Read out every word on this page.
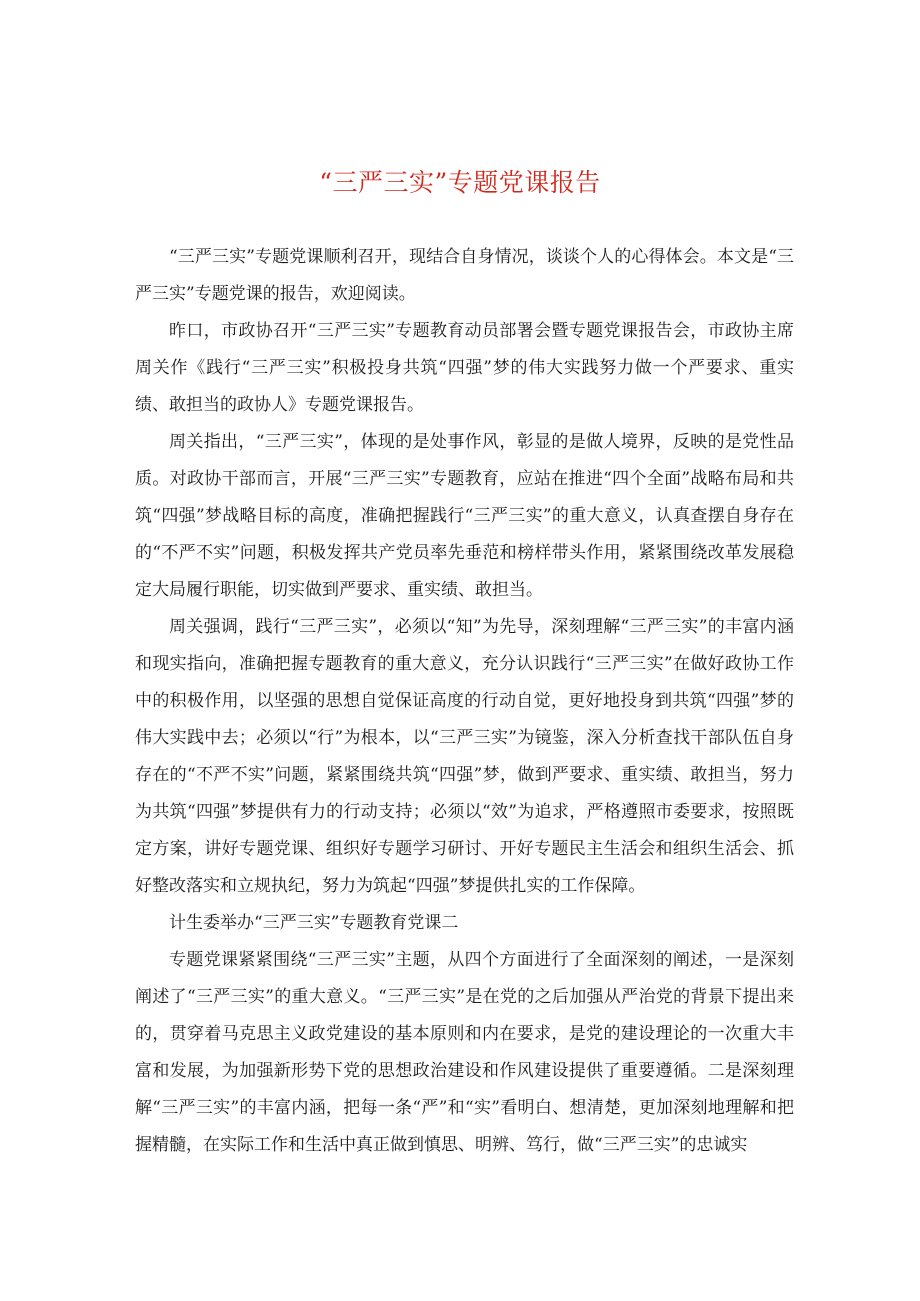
“三严三实”专题党课报告

“三严三实”专题党课顺利召开，现结合自身情况，谈谈个人的心得体会。本文是“三严三实”专题党课的报告，欢迎阅读。

昨口，市政协召开“三严三实”专题教育动员部署会暨专题党课报告会，市政协主席周关作《践行“三严三实”积极投身共筑“四强”梦的伟大实践努力做一个严要求、重实绩、敢担当的政协人》专题党课报告。

周关指出，“三严三实”，体现的是处事作风，彰显的是做人境界，反映的是党性品质。对政协干部而言，开展“三严三实”专题教育，应站在推进“四个全面”战略布局和共筑“四强”梦战略目标的高度，准确把握践行“三严三实”的重大意义，认真查摆自身存在的“不严不实”问题，积极发挥共产党员率先垂范和榜样带头作用，紧紧围绕改革发展稳定大局履行职能，切实做到严要求、重实绩、敢担当。

周关强调，践行“三严三实”，必须以“知”为先导，深刻理解“三严三实”的丰富内涵和现实指向，准确把握专题教育的重大意义，充分认识践行“三严三实”在做好政协工作中的积极作用，以坚强的思想自觉保证高度的行动自觉，更好地投身到共筑“四强”梦的伟大实践中去；必须以“行”为根本，以“三严三实”为镜鉴，深入分析查找干部队伍自身存在的“不严不实”问题，紧紧围绕共筑“四强”梦，做到严要求、重实绩、敢担当，努力为共筑“四强”梦提供有力的行动支持；必须以“效”为追求，严格遵照市委要求，按照既定方案，讲好专题党课、组织好专题学习研讨、开好专题民主生活会和组织生活会、抓好整改落实和立规执纪，努力为筑起“四强”梦提供扎实的工作保障。

计生委举办“三严三实”专题教育党课二

专题党课紧紧围绕“三严三实”主题，从四个方面进行了全面深刻的阐述，一是深刻阐述了“三严三实”的重大意义。“三严三实”是在党的之后加强从严治党的背景下提出来的，贯穿着马克思主义政党建设的基本原则和内在要求，是党的建设理论的一次重大丰富和发展，为加强新形势下党的思想政治建设和作风建设提供了重要遵循。二是深刻理解“三严三实”的丰富内涵，把每一条“严”和“实”看明白、想清楚，更加深刻地理解和把握精髓，在实际工作和生活中真正做到慎思、明辨、笃行，做“三严三实”的忠诚实
